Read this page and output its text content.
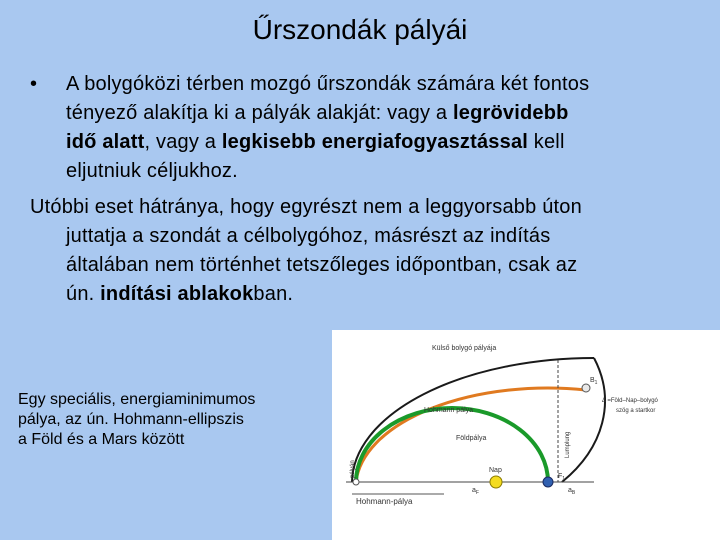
Űrszondák pályái
• A bolygóközi térben mozgó űrszondák számára két fontos
tényező alakítja ki a pályák alakját: vagy a legrövidebb
idő alatt, vagy a legkisebb energiafogyasztással kell
eljutniuk céljukhoz.
Utóbbi eset hátránya, hogy egyrészt nem a leggyorsabb úton
juttatja a szondát a célbolygóhoz, másrészt az indítás
általában nem történhet tetszőleges időpontban, csak az
ún. indítási ablakokban.
Egy speciális, energiaminimumos
pálya, az ún. Hohmann-ellipszis
a Föld és a Mars között
Külső bolygó pályája
Hohmann pálya
Földpálya
Nap
$B_1$
$F_1$
$a_F$	$a_B$
Δ =Föld–Nap–bolygó
szög a startkor
Lumplung
pályán
Hohmann-pálya
